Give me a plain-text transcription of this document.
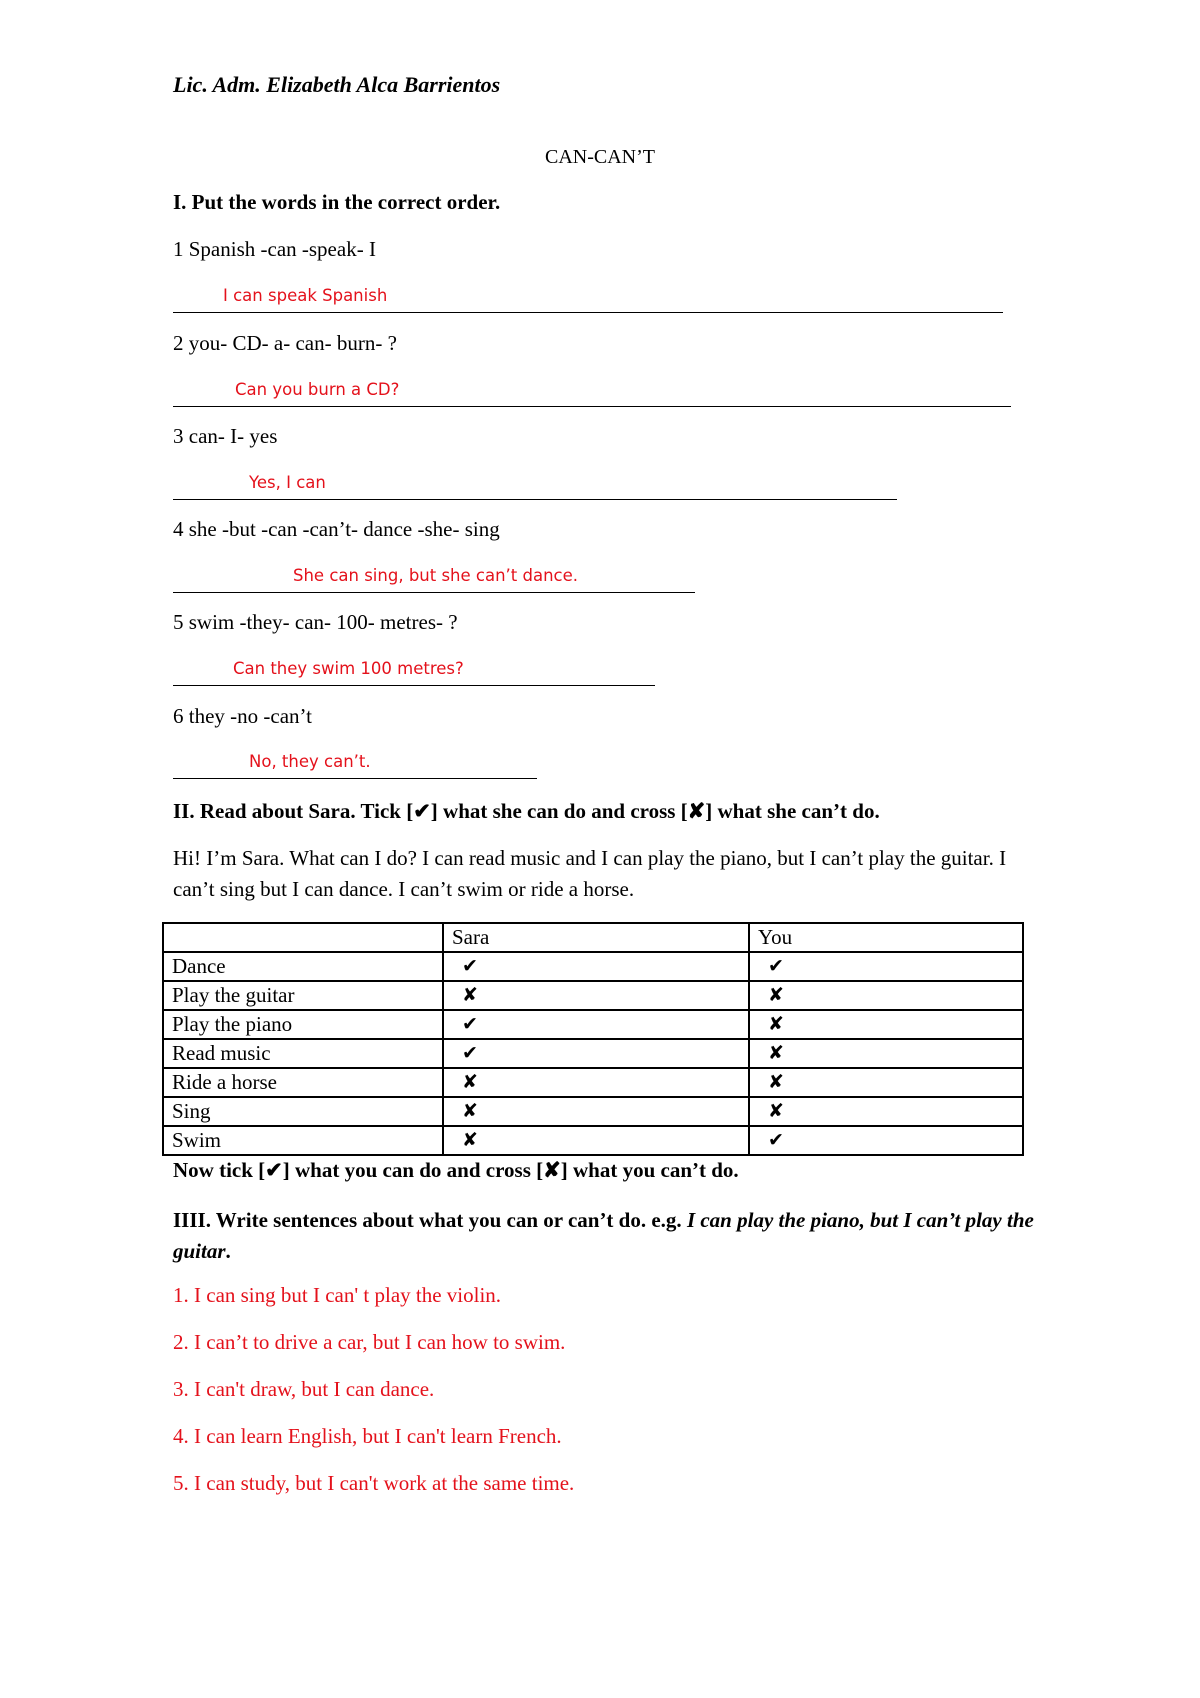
Lic. Adm. Elizabeth Alca Barrientos
CAN-CAN’T
I. Put the words in the correct order.
1 Spanish -can -speak- I
I can speak Spanish
2 you- CD- a- can- burn- ?
Can you burn a CD?
3 can- I- yes
Yes, I can
4 she -but -can -can’t- dance -she- sing
She can sing, but she can’t dance.
5 swim -they- can- 100- metres- ?
Can they swim 100 metres?
6 they -no -can’t
No, they can’t.
II. Read about Sara. Tick [✔] what she can do and cross [✘] what she can’t do.
Hi! I’m Sara. What can I do? I can read music and I can play the piano, but I can’t play the guitar. I can’t sing but I can dance. I can’t swim or ride a horse.
	Sara	You
Dance	✔	✔
Play the guitar	✘	✘
Play the piano	✔	✘
Read music	✔	✘
Ride a horse	✘	✘
Sing	✘	✘
Swim	✘	✔
Now tick [✔] what you can do and cross [✘] what you can’t do.
IIII. Write sentences about what you can or can’t do. e.g. I can play the piano, but I can’t play the guitar.
1. I can sing but I can' t play the violin.
2. I can’t to drive a car, but I can how to swim.
3. I can't draw, but I can dance.
4. I can learn English, but I can't learn French.
5. I can study, but I can't work at the same time.
